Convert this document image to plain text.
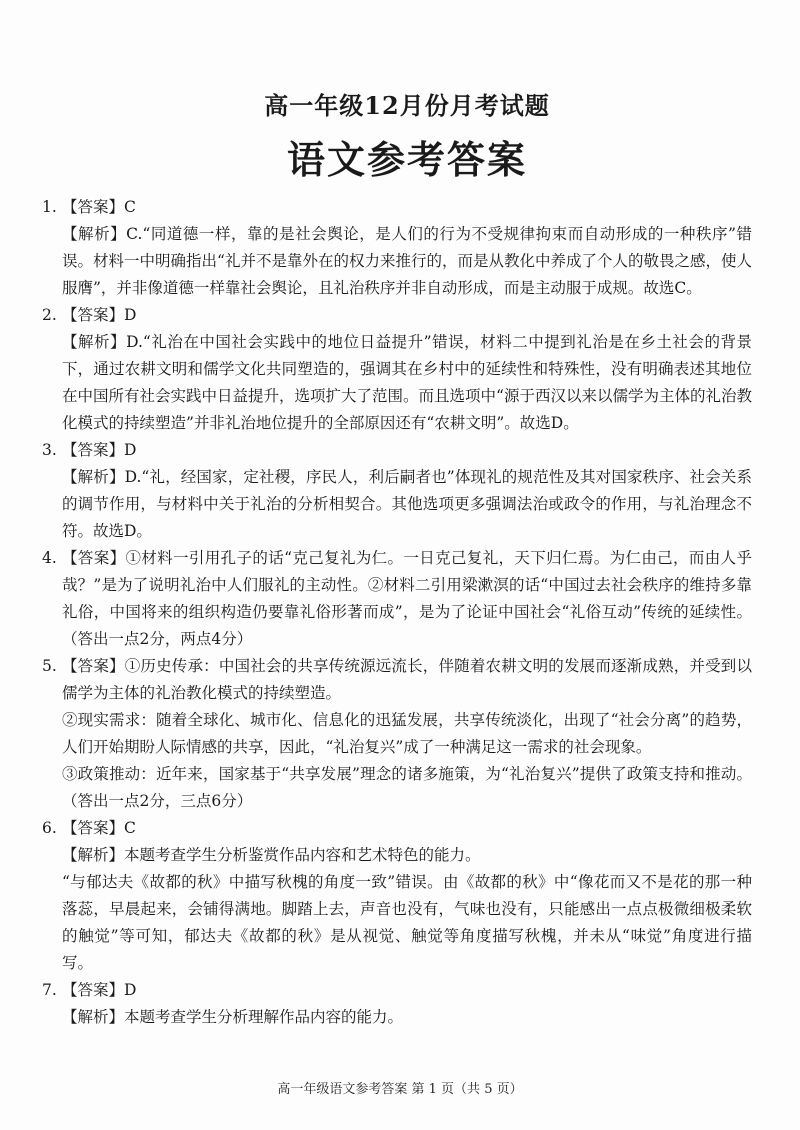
高一年级12月份月考试题
语文参考答案
1. 【答案】C

【解析】C.“同道德一样，靠的是社会舆论，是人们的行为不受规律拘束而自动形成的一种秩序”错误。材料一中明确指出“礼并不是靠外在的权力来推行的，而是从教化中养成了个人的敬畏之感，使人服膺”，并非像道德一样靠社会舆论，且礼治秩序并非自动形成，而是主动服于成规。故选C。

2. 【答案】D

【解析】D.“礼治在中国社会实践中的地位日益提升”错误，材料二中提到礼治是在乡土社会的背景下，通过农耕文明和儒学文化共同塑造的，强调其在乡村中的延续性和特殊性，没有明确表述其地位在中国所有社会实践中日益提升，选项扩大了范围。而且选项中“源于西汉以来以儒学为主体的礼治教化模式的持续塑造”并非礼治地位提升的全部原因还有“农耕文明”。故选D。

3. 【答案】D

【解析】D.“礼，经国家，定社稷，序民人，利后嗣者也”体现礼的规范性及其对国家秩序、社会关系的调节作用，与材料中关于礼治的分析相契合。其他选项更多强调法治或政令的作用，与礼治理念不符。故选D。

4. 【答案】①材料一引用孔子的话“克己复礼为仁。一日克己复礼，天下归仁焉。为仁由己，而由人乎哉？”是为了说明礼治中人们服礼的主动性。②材料二引用梁漱溟的话“中国过去社会秩序的维持多靠礼俗，中国将来的组织构造仍要靠礼俗形著而成”，是为了论证中国社会“礼俗互动”传统的延续性。（答出一点2分，两点4分）

5. 【答案】①历史传承：中国社会的共享传统源远流长，伴随着农耕文明的发展而逐渐成熟，并受到以儒学为主体的礼治教化模式的持续塑造。

②现实需求：随着全球化、城市化、信息化的迅猛发展，共享传统淡化，出现了“社会分离”的趋势，人们开始期盼人际情感的共享，因此，“礼治复兴”成了一种满足这一需求的社会现象。

③政策推动：近年来，国家基于“共享发展”理念的诸多施策，为“礼治复兴”提供了政策支持和推动。（答出一点2分，三点6分）

6. 【答案】C

【解析】本题考查学生分析鉴赏作品内容和艺术特色的能力。

“与郁达夫《故都的秋》中描写秋槐的角度一致”错误。由《故都的秋》中“像花而又不是花的那一种落蕊，早晨起来，会铺得满地。脚踏上去，声音也没有，气味也没有，只能感出一点点极微细极柔软的触觉”等可知，郁达夫《故都的秋》是从视觉、触觉等角度描写秋槐，并未从“味觉”角度进行描写。

7. 【答案】D

【解析】本题考查学生分析理解作品内容的能力。

高一年级语文参考答案 第 1 页（共 5 页）
